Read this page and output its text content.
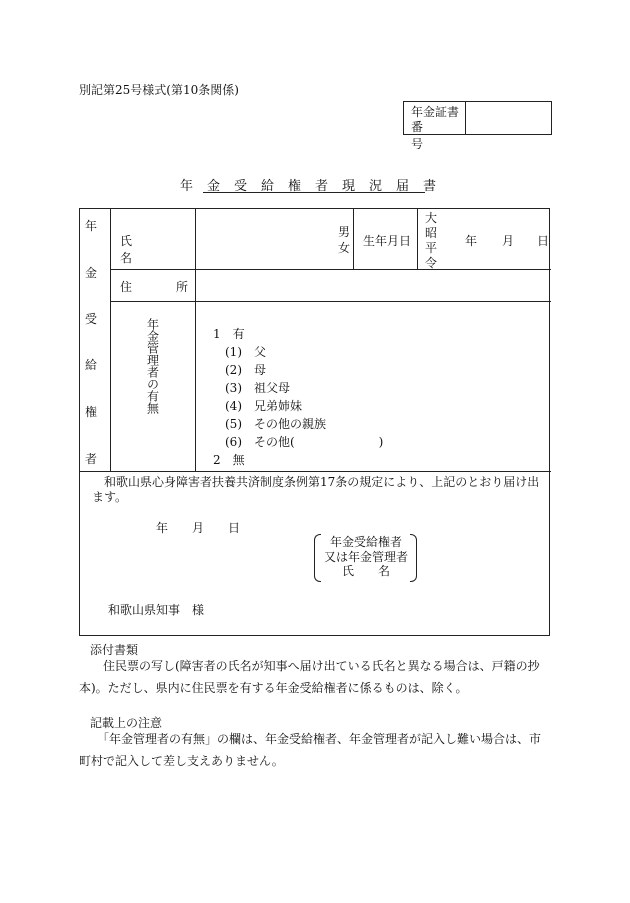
別記第25号様式(第10条関係)
年金証書
番号
年金受給権者現況届書
年
金
受
給
権
者
氏名
男
女 生年月日
大
昭
平
令
年 月 日
住所
年金管理者の有無	1　有
(1)　父
(2)　母
(3)　祖父母
(4)　兄弟姉妹
(5)　その他の親族
(6)　その他(　　　　　　　)
2　無
　和歌山県心身障害者扶養共済制度条例第17条の規定により、上記のとおり届け出ます。
年 月 日
年金受給権者
又は年金管理者
氏　　名
和歌山県知事　様
添付書類
　　住民票の写し(障害者の氏名が知事へ届け出ている氏名と異なる場合は、戸籍の抄本)。ただし、県内に住民票を有する年金受給権者に係るものは、除く。
記載上の注意
　　「年金管理者の有無」の欄は、年金受給権者、年金管理者が記入し難い場合は、市町村で記入して差し支えありません。
